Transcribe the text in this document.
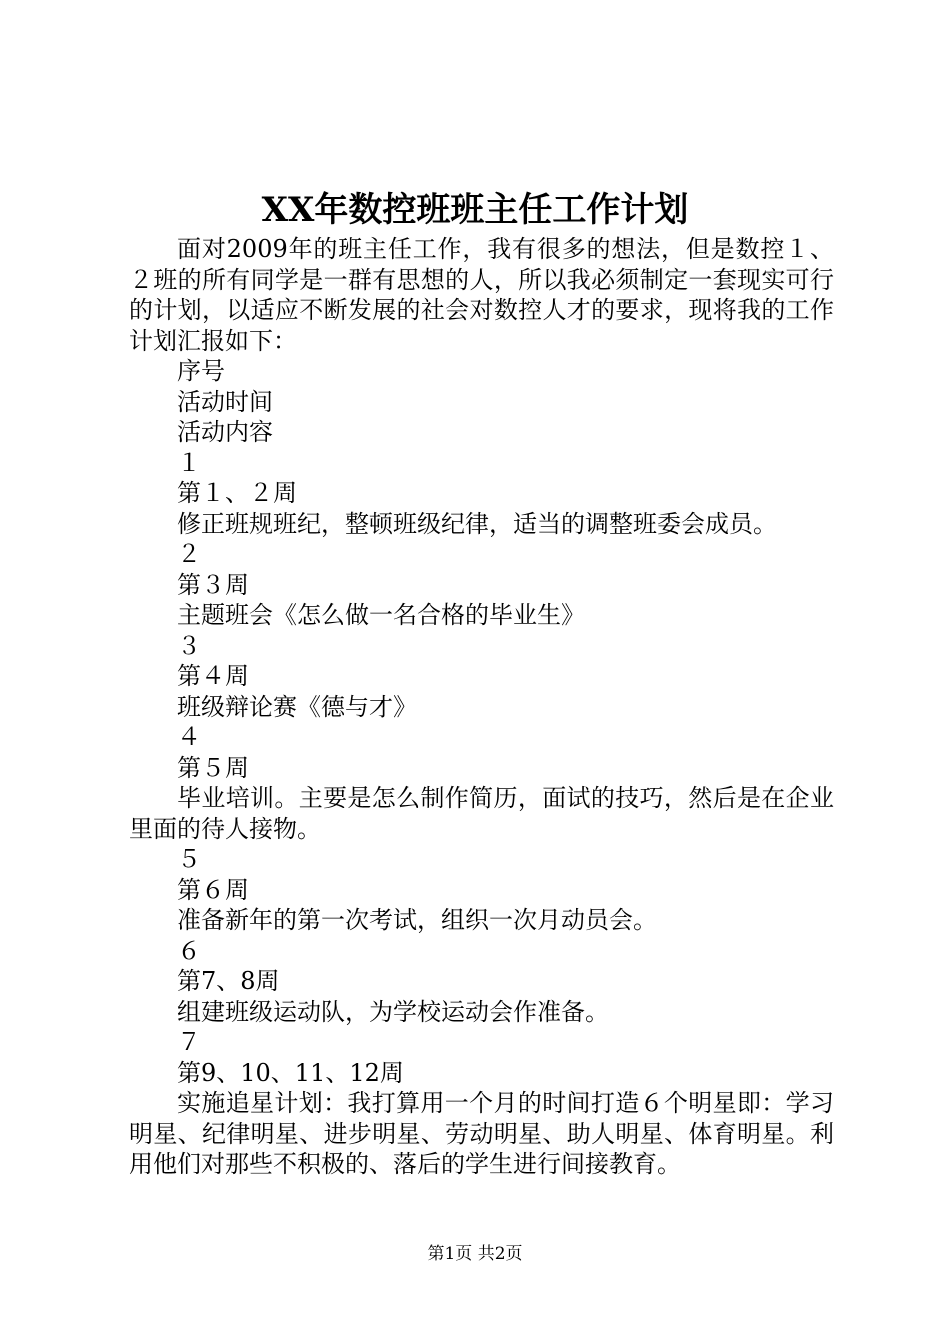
XX年数控班班主任工作计划

面对2009年的班主任工作，我有很多的想法，但是数控１、２班的所有同学是一群有思想的人，所以我必须制定一套现实可行的计划，以适应不断发展的社会对数控人才的要求，现将我的工作计划汇报如下：

序号

活动时间

活动内容

１

第１、２周

修正班规班纪，整顿班级纪律，适当的调整班委会成员。

２

第３周

主题班会《怎么做一名合格的毕业生》

３

第４周

班级辩论赛《德与才》

４

第５周

毕业培训。主要是怎么制作简历，面试的技巧，然后是在企业里面的待人接物。

５

第６周

准备新年的第一次考试，组织一次月动员会。

６

第7、8周

组建班级运动队，为学校运动会作准备。

７

第9、10、11、12周

实施追星计划：我打算用一个月的时间打造６个明星即：学习明星、纪律明星、进步明星、劳动明星、助人明星、体育明星。利用他们对那些不积极的、落后的学生进行间接教育。

第1页 共2页
